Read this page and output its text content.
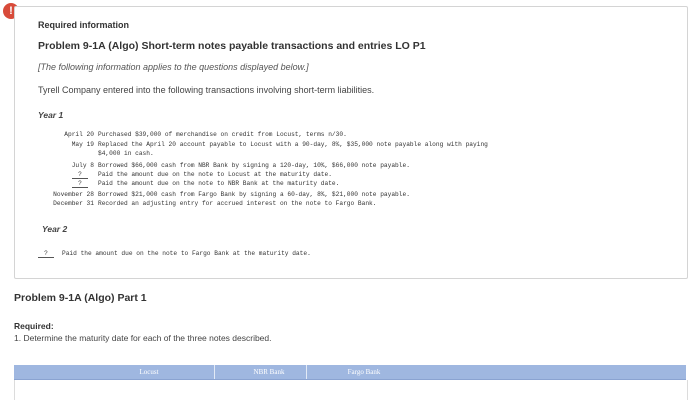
!
Required information
Problem 9-1A (Algo) Short-term notes payable transactions and entries LO P1
[The following information applies to the questions displayed below.]
Tyrell Company entered into the following transactions involving short-term liabilities.
Year 1
April 20 Purchased $39,000 of merchandise on credit from Locust, terms n/30.
May 19 Replaced the April 20 account payable to Locust with a 90-day, 8%, $35,000 note payable along with paying
$4,000 in cash.
July 8 Borrowed $66,000 cash from NBR Bank by signing a 120-day, 10%, $66,000 note payable.
?	Paid the amount due on the note to Locust at the maturity date.
?	Paid the amount due on the note to NBR Bank at the maturity date.
November 28 Borrowed $21,000 cash from Fargo Bank by signing a 60-day, 8%, $21,000 note payable.
December 31 Recorded an adjusting entry for accrued interest on the note to Fargo Bank.
Year 2
?	Paid the amount due on the note to Fargo Bank at the maturity date.
Problem 9-1A (Algo) Part 1
Required:
1. Determine the maturity date for each of the three notes described.
Locust	NBR Bank	Fargo Bank
